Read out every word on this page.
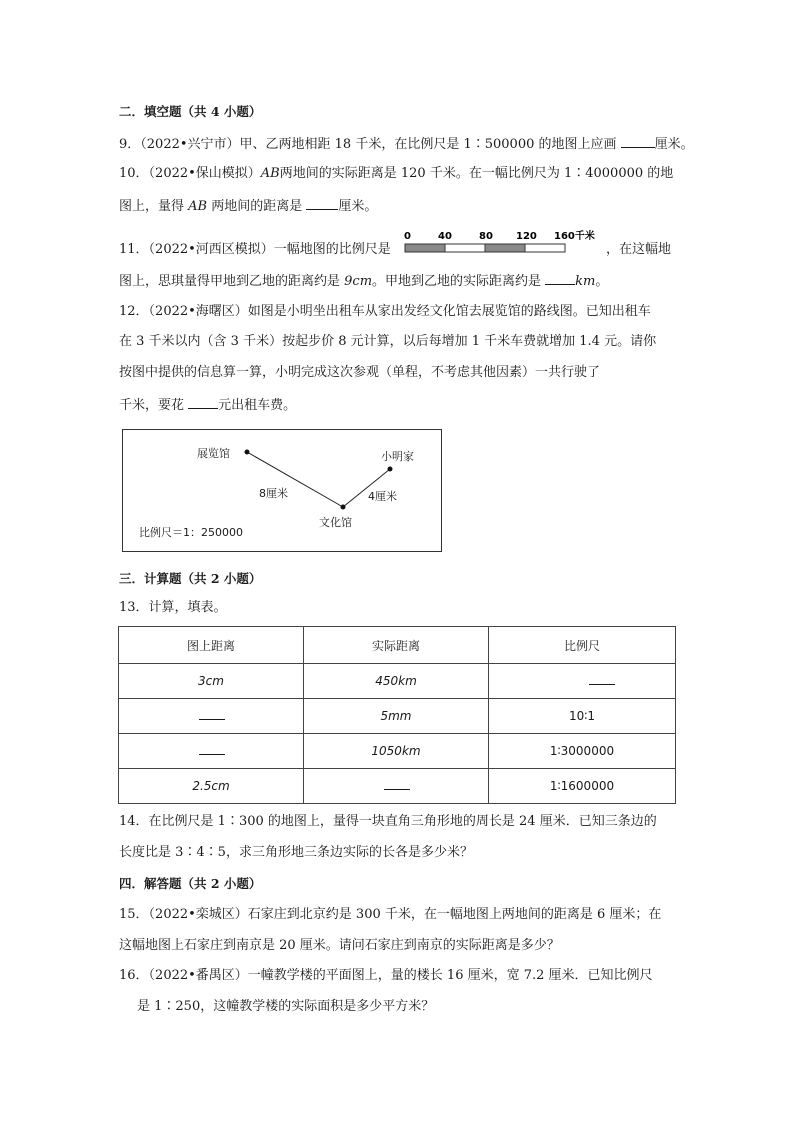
二．填空题（共 4 小题）
9．（2022•兴宁市）甲、乙两地相距 18 千米，在比例尺是 1∶500000 的地图上应画	厘米。
10．（2022•保山模拟）AB两地间的实际距离是 120 千米。在一幅比例尺为 1∶4000000 的地
图上，量得 AB 两地间的距离是 厘米。
11．（2022•河西区模拟）一幅地图的比例尺是	，在这幅地
0	40	80 120 160千米
图上，思琪量得甲地到乙地的距离约是 9cm。甲地到乙地的实际距离约是 km。
12．（2022•海曙区）如图是小明坐出租车从家出发经文化馆去展览馆的路线图。已知出租车
在 3 千米以内（含 3 千米）按起步价 8 元计算，以后每增加 1 千米车费就增加 1.4 元。请你
按图中提供的信息算一算，小明完成这次参观（单程，不考虑其他因素）一共行驶了
千米，要花 元出租车费。
展览馆	小明家
文化馆
8厘米	4厘米
比例尺＝1：250000
三．计算题（共 2 小题）
13．计算，填表。
图上距离	实际距离	比例尺
3cm	450km	
	5mm	10∶1
	1050km	1∶3000000
2.5cm		1∶1600000
14．在比例尺是 1∶300 的地图上，量得一块直角三角形地的周长是 24 厘米．已知三条边的
长度比是 3∶4∶5，求三角形地三条边实际的长各是多少米？
四．解答题（共 2 小题）
15．（2022•栾城区）石家庄到北京约是 300 千米，在一幅地图上两地间的距离是 6 厘米；在
这幅地图上石家庄到南京是 20 厘米。请问石家庄到南京的实际距离是多少？
16．（2022•番禺区）一幢教学楼的平面图上，量的楼长 16 厘米，宽 7.2 厘米．已知比例尺
是 1∶250，这幢教学楼的实际面积是多少平方米？
